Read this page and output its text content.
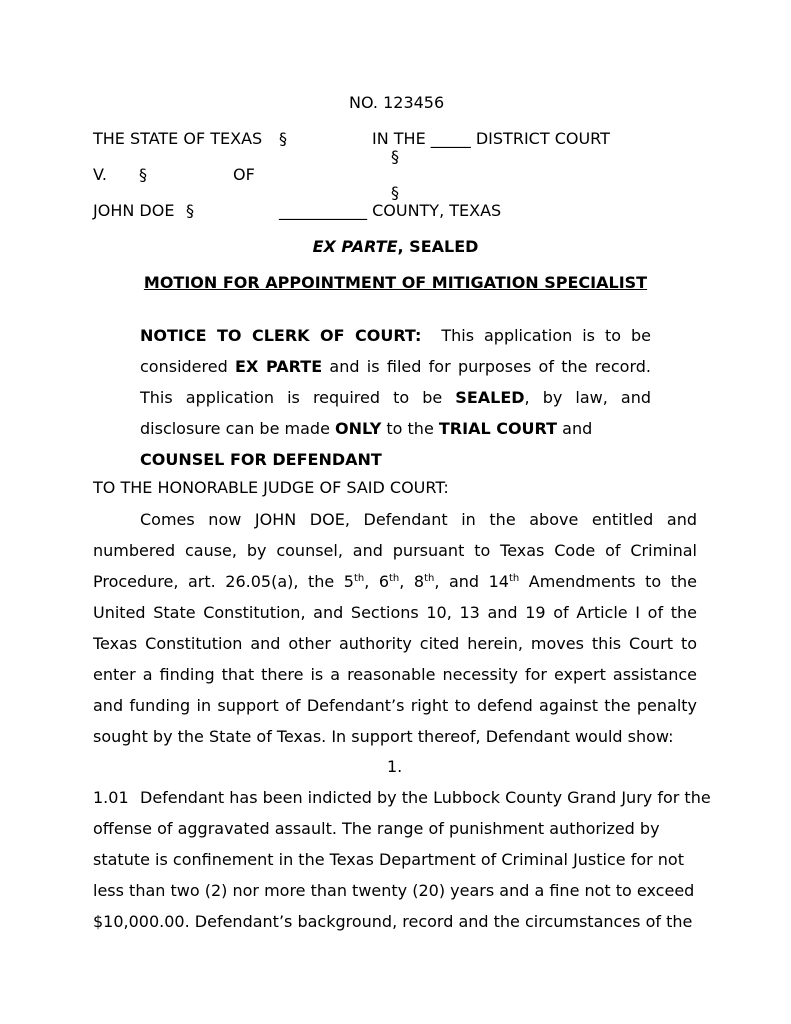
NO. 123456
THE STATE OF TEXAS §	IN THE _____ DISTRICT COURT
§
V. §	OF
§
JOHN DOE §	___________ COUNTY, TEXAS
EX PARTE, SEALED
MOTION FOR APPOINTMENT OF MITIGATION SPECIALIST
NOTICE TO CLERK OF COURT: This application is to be considered EX PARTE and is filed for purposes of the record. This application is required to be SEALED, by law, and disclosure can be made ONLY to the TRIAL COURT and
COUNSEL FOR DEFENDANT
TO THE HONORABLE JUDGE OF SAID COURT:
Comes now JOHN DOE, Defendant in the above entitled and numbered cause, by counsel, and pursuant to Texas Code of Criminal Procedure, art. 26.05(a), the 5th, 6th, 8th, and 14th Amendments to the United State Constitution, and Sections 10, 13 and 19 of Article I of the Texas Constitution and other authority cited herein, moves this Court to enter a finding that there is a reasonable necessity for expert assistance and funding in support of Defendant’s right to defend against the penalty sought by the State of Texas. In support thereof, Defendant would show:
1.
1.01 Defendant has been indicted by the Lubbock County Grand Jury for the
offense of aggravated assault. The range of punishment authorized by
statute is confinement in the Texas Department of Criminal Justice for not
less than two (2) nor more than twenty (20) years and a fine not to exceed
$10,000.00. Defendant’s background, record and the circumstances of the
